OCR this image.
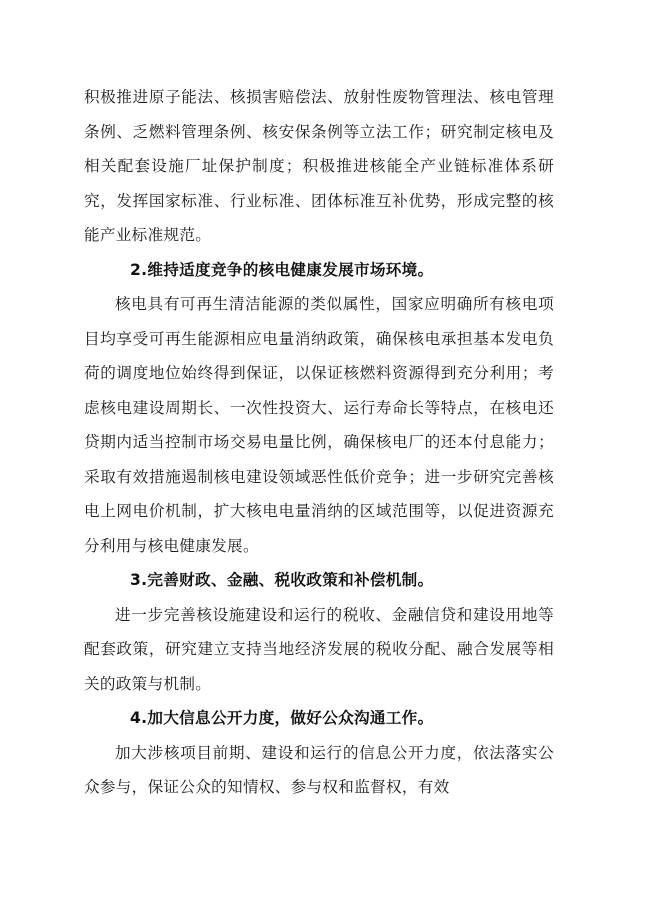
积极推进原子能法、核损害赔偿法、放射性废物管理法、核电管理条例、乏燃料管理条例、核安保条例等立法工作；研究制定核电及相关配套设施厂址保护制度；积极推进核能全产业链标准体系研究，发挥国家标准、行业标准、团体标准互补优势，形成完整的核能产业标准规范。

2.维持适度竞争的核电健康发展市场环境。

核电具有可再生清洁能源的类似属性，国家应明确所有核电项目均享受可再生能源相应电量消纳政策，确保核电承担基本发电负荷的调度地位始终得到保证，以保证核燃料资源得到充分利用；考虑核电建设周期长、一次性投资大、运行寿命长等特点，在核电还贷期内适当控制市场交易电量比例，确保核电厂的还本付息能力；采取有效措施遏制核电建设领域恶性低价竞争；进一步研究完善核电上网电价机制，扩大核电电量消纳的区域范围等，以促进资源充分利用与核电健康发展。

3.完善财政、金融、税收政策和补偿机制。

进一步完善核设施建设和运行的税收、金融信贷和建设用地等配套政策，研究建立支持当地经济发展的税收分配、融合发展等相关的政策与机制。

4.加大信息公开力度，做好公众沟通工作。

加大涉核项目前期、建设和运行的信息公开力度，依法落实公众参与，保证公众的知情权、参与权和监督权，有效
